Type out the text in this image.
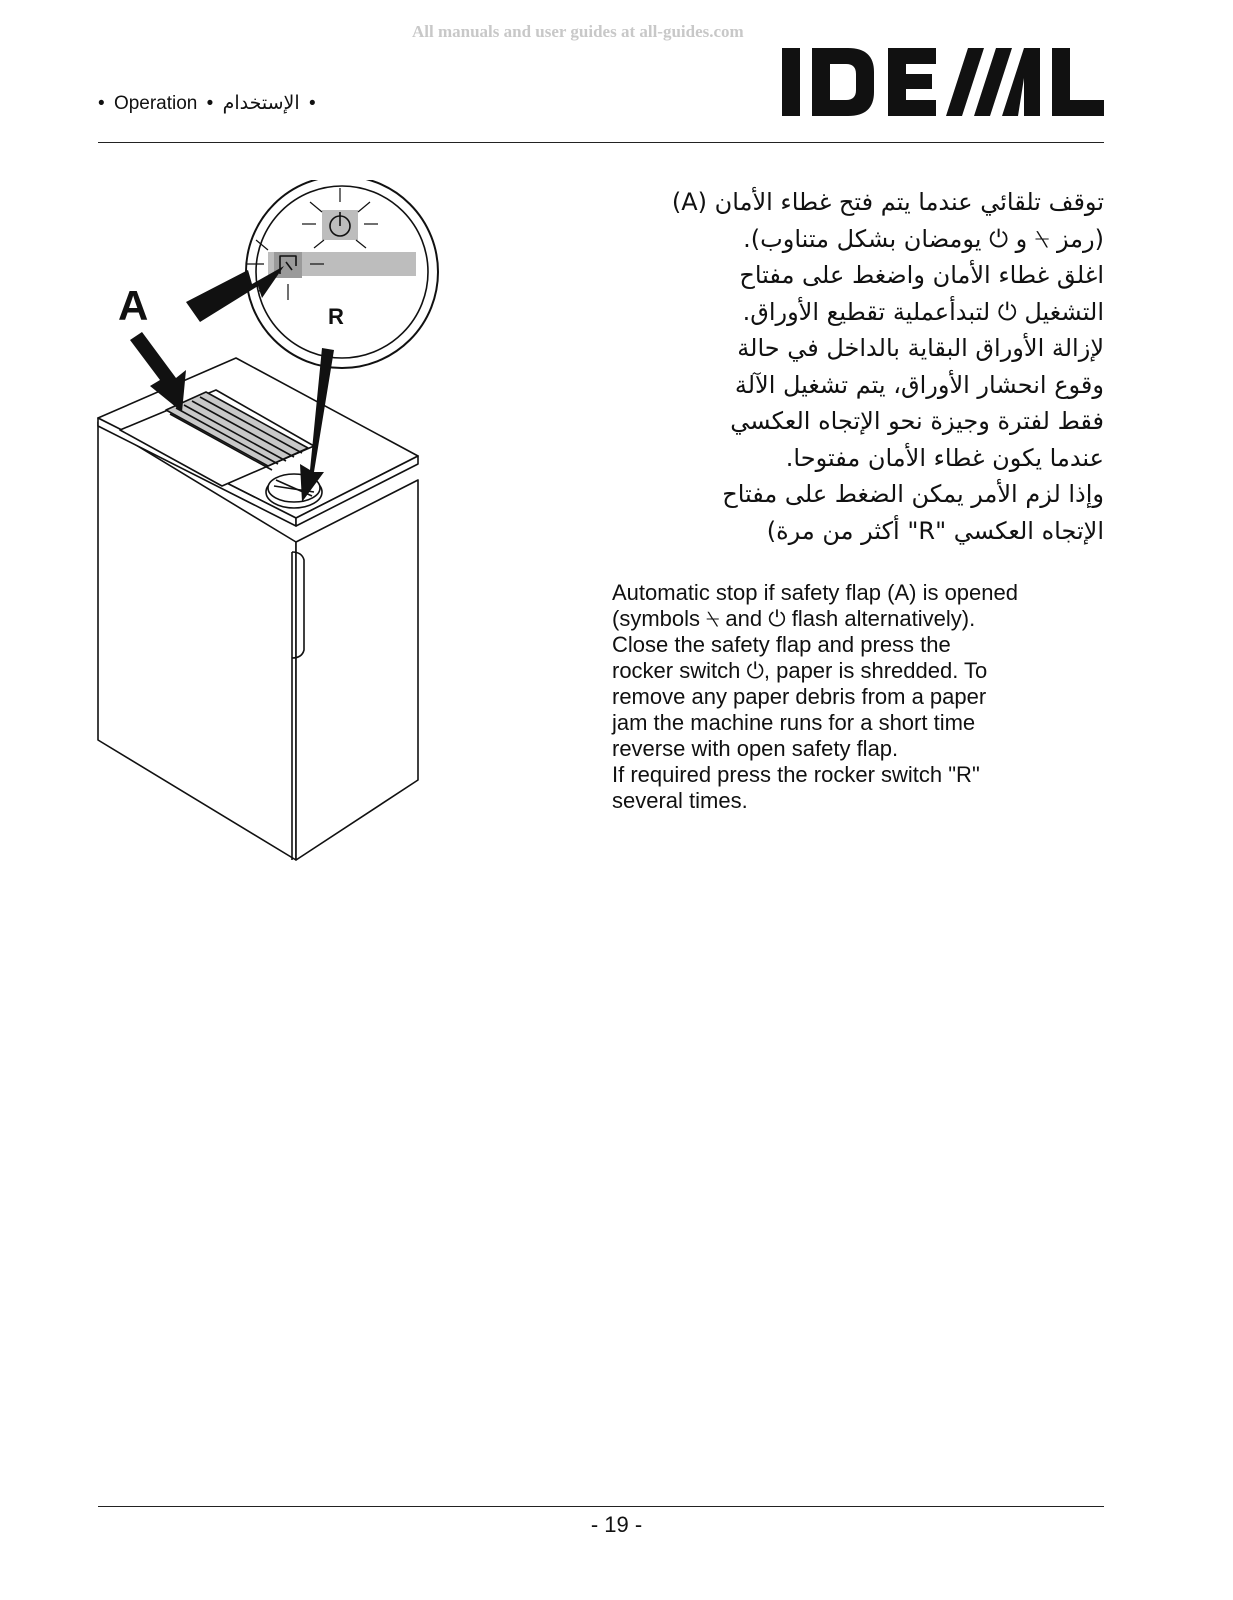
All manuals and user guides at all-guides.com
• Operation • الإستخدام •
A	R
توقف تلقائي عندما يتم فتح غطاء الأمان (A)
(رمز ⍀ و ⏻ يومضان بشكل متناوب).
اغلق غطاء الأمان واضغط على مفتاح
التشغيل ⏻ لتبدأعملية تقطيع الأوراق.
لإزالة الأوراق البقاية بالداخل في حالة
وقوع انحشار الأوراق، يتم تشغيل الآلة
فقط لفترة وجيزة نحو الإتجاه العكسي
عندما يكون غطاء الأمان مفتوحا.
وإذا لزم الأمر يمكن الضغط على مفتاح
الإتجاه العكسي "R" أكثر من مرة)
Automatic stop if safety flap (A) is opened
(symbols ⍀ and ⏻ flash alternatively).
Close the safety flap and press the
rocker switch ⏻, paper is shredded. To
remove any paper debris from a paper
jam the machine runs for a short time
reverse with open safety flap.
If required press the rocker switch "R"
several times.
- 19 -
